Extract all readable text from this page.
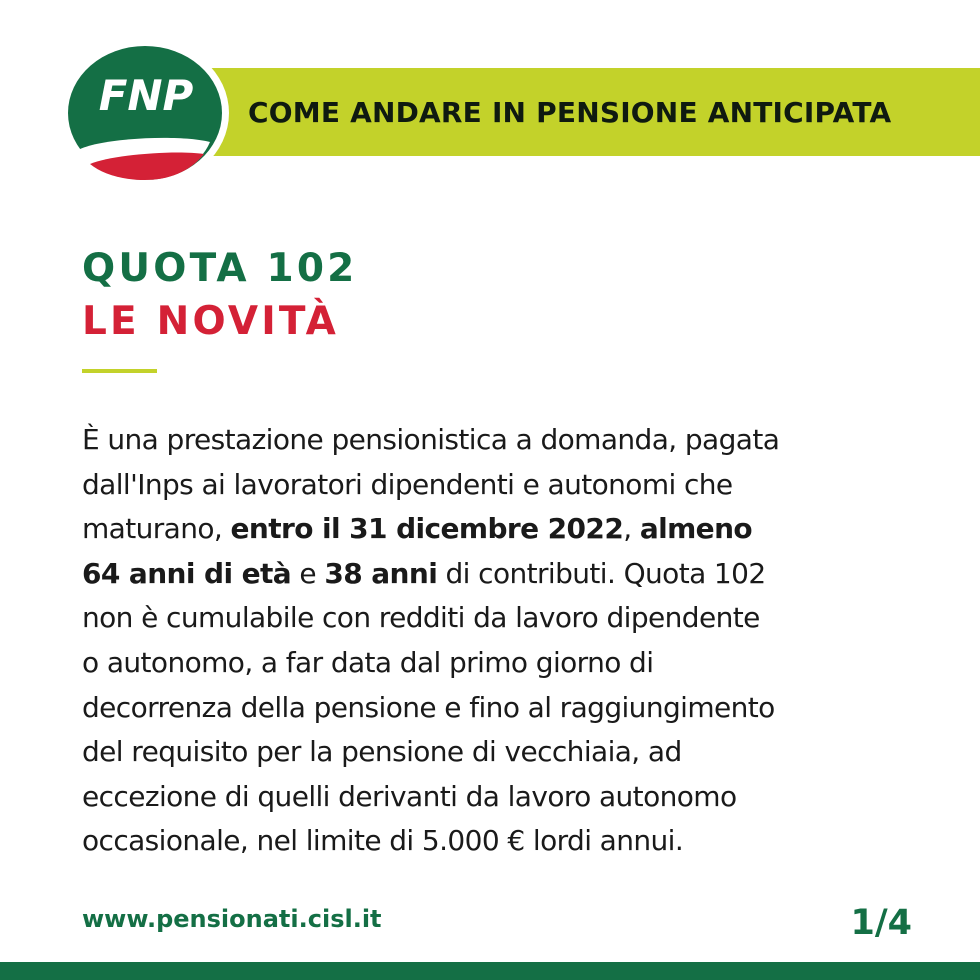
COME ANDARE IN PENSIONE ANTICIPATA
FNP
QUOTA 102
LE NOVITÀ
È una prestazione pensionistica a domanda, pagata
dall'Inps ai lavoratori dipendenti e autonomi che
maturano, entro il 31 dicembre 2022, almeno
64 anni di età e 38 anni di contributi. Quota 102
non è cumulabile con redditi da lavoro dipendente
o autonomo, a far data dal primo giorno di
decorrenza della pensione e fino al raggiungimento
del requisito per la pensione di vecchiaia, ad
eccezione di quelli derivanti da lavoro autonomo
occasionale, nel limite di 5.000 € lordi annui.
www.pensionati.cisl.it	1/4
